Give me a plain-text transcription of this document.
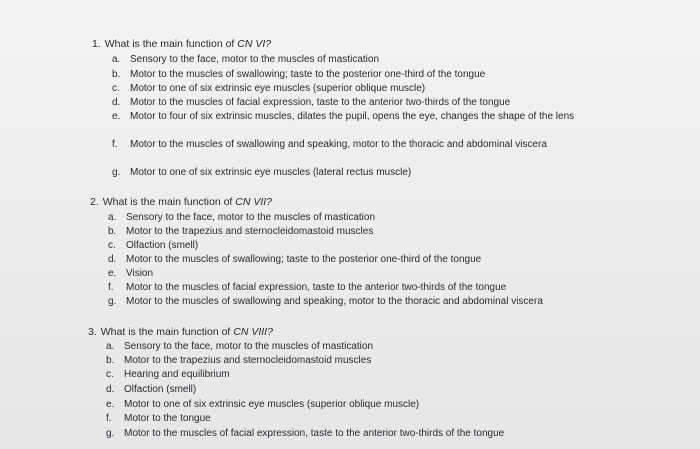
1. What is the main function of CN VI?
a. Sensory to the face, motor to the muscles of mastication
b. Motor to the muscles of swallowing; taste to the posterior one-third of the tongue
c.	Motor to one of six extrinsic eye muscles (superior oblique muscle)
d. Motor to the muscles of facial expression, taste to the anterior two-thirds of the tongue
e. Motor to four of six extrinsic muscles, dilates the pupil, opens the eye, changes the shape of the lens
f.	Motor to the muscles of swallowing and speaking, motor to the thoracic and abdominal viscera
g. Motor to one of six extrinsic eye muscles (lateral rectus muscle)
2. What is the main function of CN VII?
a. Sensory to the face, motor to the muscles of mastication
b. Motor to the trapezius and sternocleidomastoid muscles
c.	Olfaction (smell)
d. Motor to the muscles of swallowing; taste to the posterior one-third of the tongue
e. Vision
f.	Motor to the muscles of facial expression, taste to the anterior two-thirds of the tongue
g. Motor to the muscles of swallowing and speaking, motor to the thoracic and abdominal viscera
3. What is the main function of CN VIII?
a. Sensory to the face, motor to the muscles of mastication
b. Motor to the trapezius and sternocleidomastoid muscles
c.	Hearing and equilibrium
d. Olfaction (smell)
e. Motor to one of six extrinsic eye muscles (superior oblique muscle)
f.	Motor to the tongue
g. Motor to the muscles of facial expression, taste to the anterior two-thirds of the tongue
